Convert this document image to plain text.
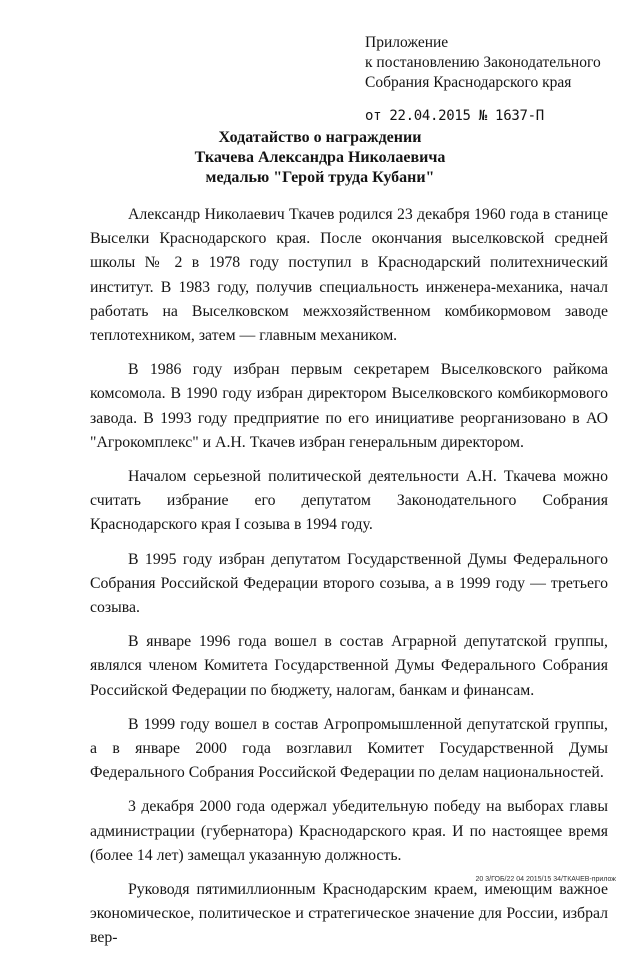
Приложение
к постановлению Законодательного
Собрания Краснодарского края
от 22.04.2015 № 1637-П
Ходатайство о награждении
Ткачева Александра Николаевича
медалью "Герой труда Кубани"

Александр Николаевич Ткачев родился 23 декабря 1960 года в станице Выселки Краснодарского края. После окончания выселковской средней школы № 2 в 1978 году поступил в Краснодарский политехнический институт. В 1983 году, получив специальность инженера-механика, начал работать на Выселковском межхозяйственном комбикормовом заводе теплотехником, затем — главным механиком.

В 1986 году избран первым секретарем Выселковского райкома комсомола. В 1990 году избран директором Выселковского комбикормового завода. В 1993 году предприятие по его инициативе реорганизовано в АО "Агрокомплекс" и А.Н. Ткачев избран генеральным директором.

Началом серьезной политической деятельности А.Н. Ткачева можно считать избрание его депутатом Законодательного Собрания Краснодарского края I созыва в 1994 году.

В 1995 году избран депутатом Государственной Думы Федерального Собрания Российской Федерации второго созыва, а в 1999 году — третьего созыва.

В январе 1996 года вошел в состав Аграрной депутатской группы, являлся членом Комитета Государственной Думы Федерального Собрания Российской Федерации по бюджету, налогам, банкам и финансам.

В 1999 году вошел в состав Агропромышленной депутатской группы, а в январе 2000 года возглавил Комитет Государственной Думы Федерального Собрания Российской Федерации по делам национальностей.

3 декабря 2000 года одержал убедительную победу на выборах главы администрации (губернатора) Краснодарского края. И по настоящее время (более 14 лет) замещал указанную должность.

Руководя пятимиллионным Краснодарским краем, имеющим важное экономическое, политическое и стратегическое значение для России, избрал вер-

20 3/ГОБ/22 04 2015/15 34/ТКАЧЕВ-прилож
